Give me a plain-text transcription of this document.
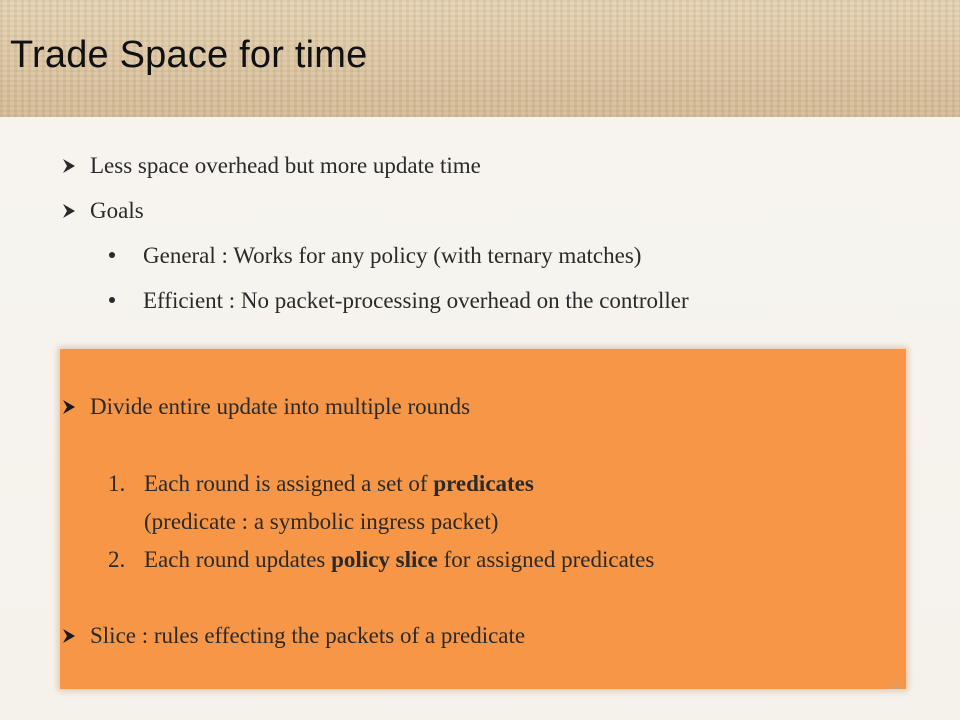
Trade Space for time
Less space overhead but more update time
Goals
General : Works for any policy (with ternary matches)
Efficient : No packet-processing overhead on the controller
Divide entire update into multiple rounds
1. Each round is assigned a set of predicates
(predicate : a symbolic ingress packet)
2. Each round updates policy slice for assigned predicates
Slice : rules effecting the packets of a predicate
11
